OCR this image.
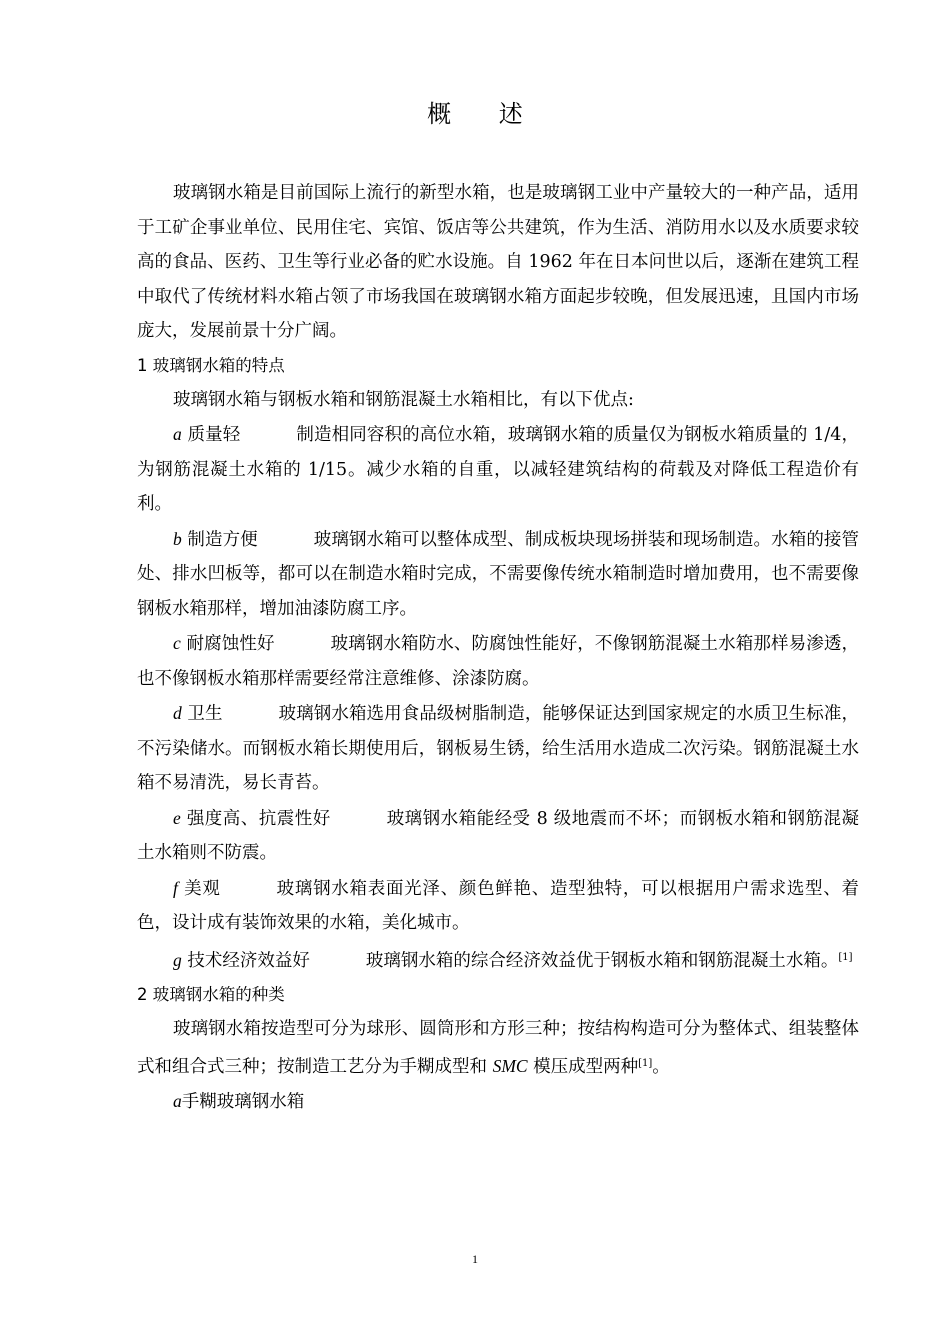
概 述

玻璃钢水箱是目前国际上流行的新型水箱，也是玻璃钢工业中产量较大的一种产品，适用于工矿企事业单位、民用住宅、宾馆、饭店等公共建筑，作为生活、消防用水以及水质要求较高的食品、医药、卫生等行业必备的贮水设施。自 1962 年在日本问世以后，逐渐在建筑工程中取代了传统材料水箱占领了市场我国在玻璃钢水箱方面起步较晚，但发展迅速，且国内市场庞大，发展前景十分广阔。

1 玻璃钢水箱的特点

玻璃钢水箱与钢板水箱和钢筋混凝土水箱相比，有以下优点:

a 质量轻	制造相同容积的高位水箱，玻璃钢水箱的质量仅为钢板水箱质量的 1/4，为钢筋混凝土水箱的 1/15。减少水箱的自重，以减轻建筑结构的荷载及对降低工程造价有利。

b 制造方便	玻璃钢水箱可以整体成型、制成板块现场拼装和现场制造。水箱的接管处、排水凹板等，都可以在制造水箱时完成，不需要像传统水箱制造时增加费用，也不需要像钢板水箱那样，增加油漆防腐工序。

c 耐腐蚀性好	玻璃钢水箱防水、防腐蚀性能好，不像钢筋混凝土水箱那样易渗透，也不像钢板水箱那样需要经常注意维修、涂漆防腐。

d 卫生	玻璃钢水箱选用食品级树脂制造，能够保证达到国家规定的水质卫生标准，不污染储水。而钢板水箱长期使用后，钢板易生锈，给生活用水造成二次污染。钢筋混凝土水箱不易清洗，易长青苔。

e 强度高、抗震性好	玻璃钢水箱能经受 8 级地震而不坏；而钢板水箱和钢筋混凝土水箱则不防震。

f 美观	玻璃钢水箱表面光泽、颜色鲜艳、造型独特，可以根据用户需求选型、着色，设计成有装饰效果的水箱，美化城市。

g 技术经济效益好	玻璃钢水箱的综合经济效益优于钢板水箱和钢筋混凝土水箱。[1]

2 玻璃钢水箱的种类

玻璃钢水箱按造型可分为球形、圆筒形和方形三种；按结构构造可分为整体式、组装整体式和组合式三种；按制造工艺分为手糊成型和 SMC 模压成型两种[1]。

a手糊玻璃钢水箱

1
